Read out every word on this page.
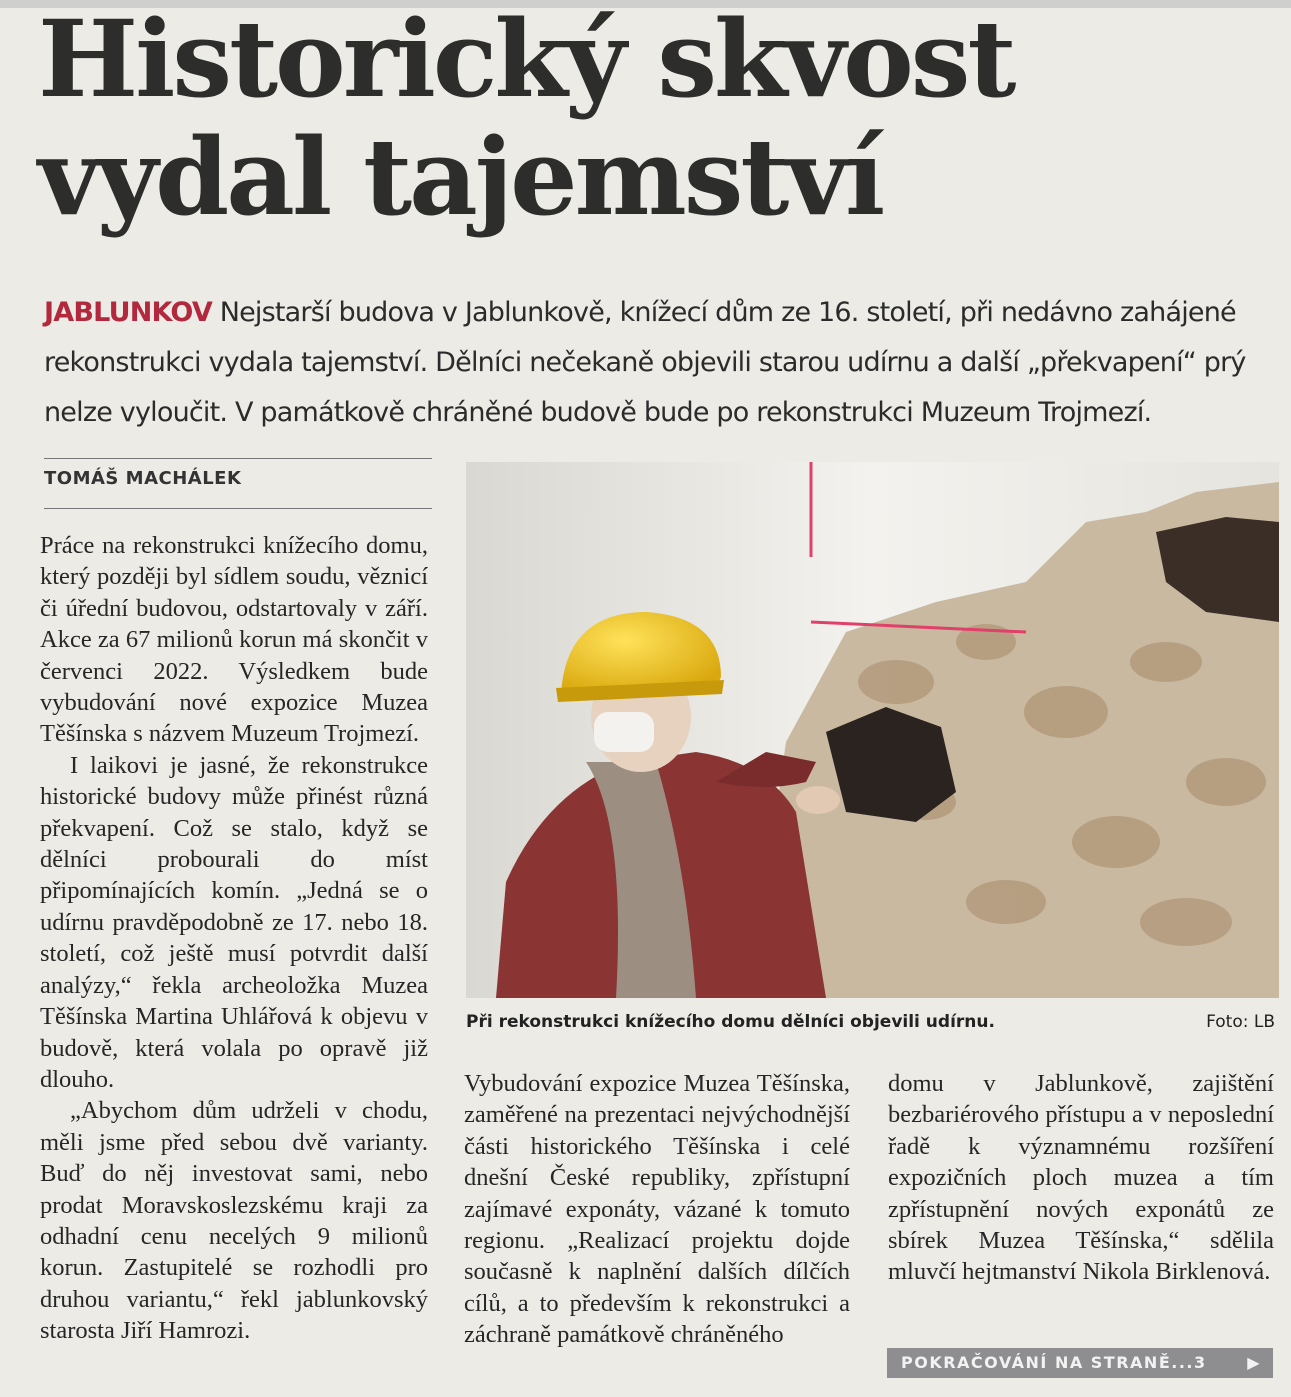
Historický skvost vydal tajemství
JABLUNKOV Nejstarší budova v Jablunkově, knížecí dům ze 16. století, při nedávno zahájené rekonstrukci vydala tajemství. Dělníci nečekaně objevili starou udírnu a další „překvapení“ prý nelze vyloučit. V památkově chráněné budově bude po rekonstrukci Muzeum Trojmezí.
TOMÁŠ MACHÁLEK

Práce na rekonstrukci knížecího domu, který později byl sídlem soudu, věznicí či úřední budovou, odstartovaly v září. Akce za 67 milionů korun má skončit v červenci 2022. Výsledkem bude vybudování nové expozice Muzea Těšínska s názvem Muzeum Trojmezí.

I laikovi je jasné, že rekonstrukce historické budovy může přinést různá překvapení. Což se stalo, když se dělníci probourali do míst připomínajících komín. „Jedná se o udírnu pravděpodobně ze 17. nebo 18. století, což ještě musí potvrdit další analýzy,“ řekla archeoložka Muzea Těšínska Martina Uhlářová k objevu v budově, která volala po opravě již dlouho.

„Abychom dům udrželi v chodu, měli jsme před sebou dvě varianty. Buď do něj investovat sami, nebo prodat Moravskoslezskému kraji za odhadní cenu necelých 9 milionů korun. Zastupitelé se rozhodli pro druhou variantu,“ řekl jablunkovský starosta Jiří Hamrozi.

Při rekonstrukci knížecího domu dělníci objevili udírnu.	Foto: LB

Vybudování expozice Muzea Těšínska, zaměřené na prezentaci nejvýchodnější části historického Těšínska i celé dnešní České republiky, zpřístupní zajímavé exponáty, vázané k tomuto regionu. „Realizací projektu dojde současně k naplnění dalších dílčích cílů, a to především k rekonstrukci a záchraně památkově chráněného

domu v Jablunkově, zajištění bezbariérového přístupu a v neposlední řadě k významnému rozšíření expozičních ploch muzea a tím zpřístupnění nových exponátů ze sbírek Muzea Těšínska,“ sdělila mluvčí hejtmanství Nikola Birklenová.

POKRAČOVÁNÍ NA STRANĚ...3	▶
